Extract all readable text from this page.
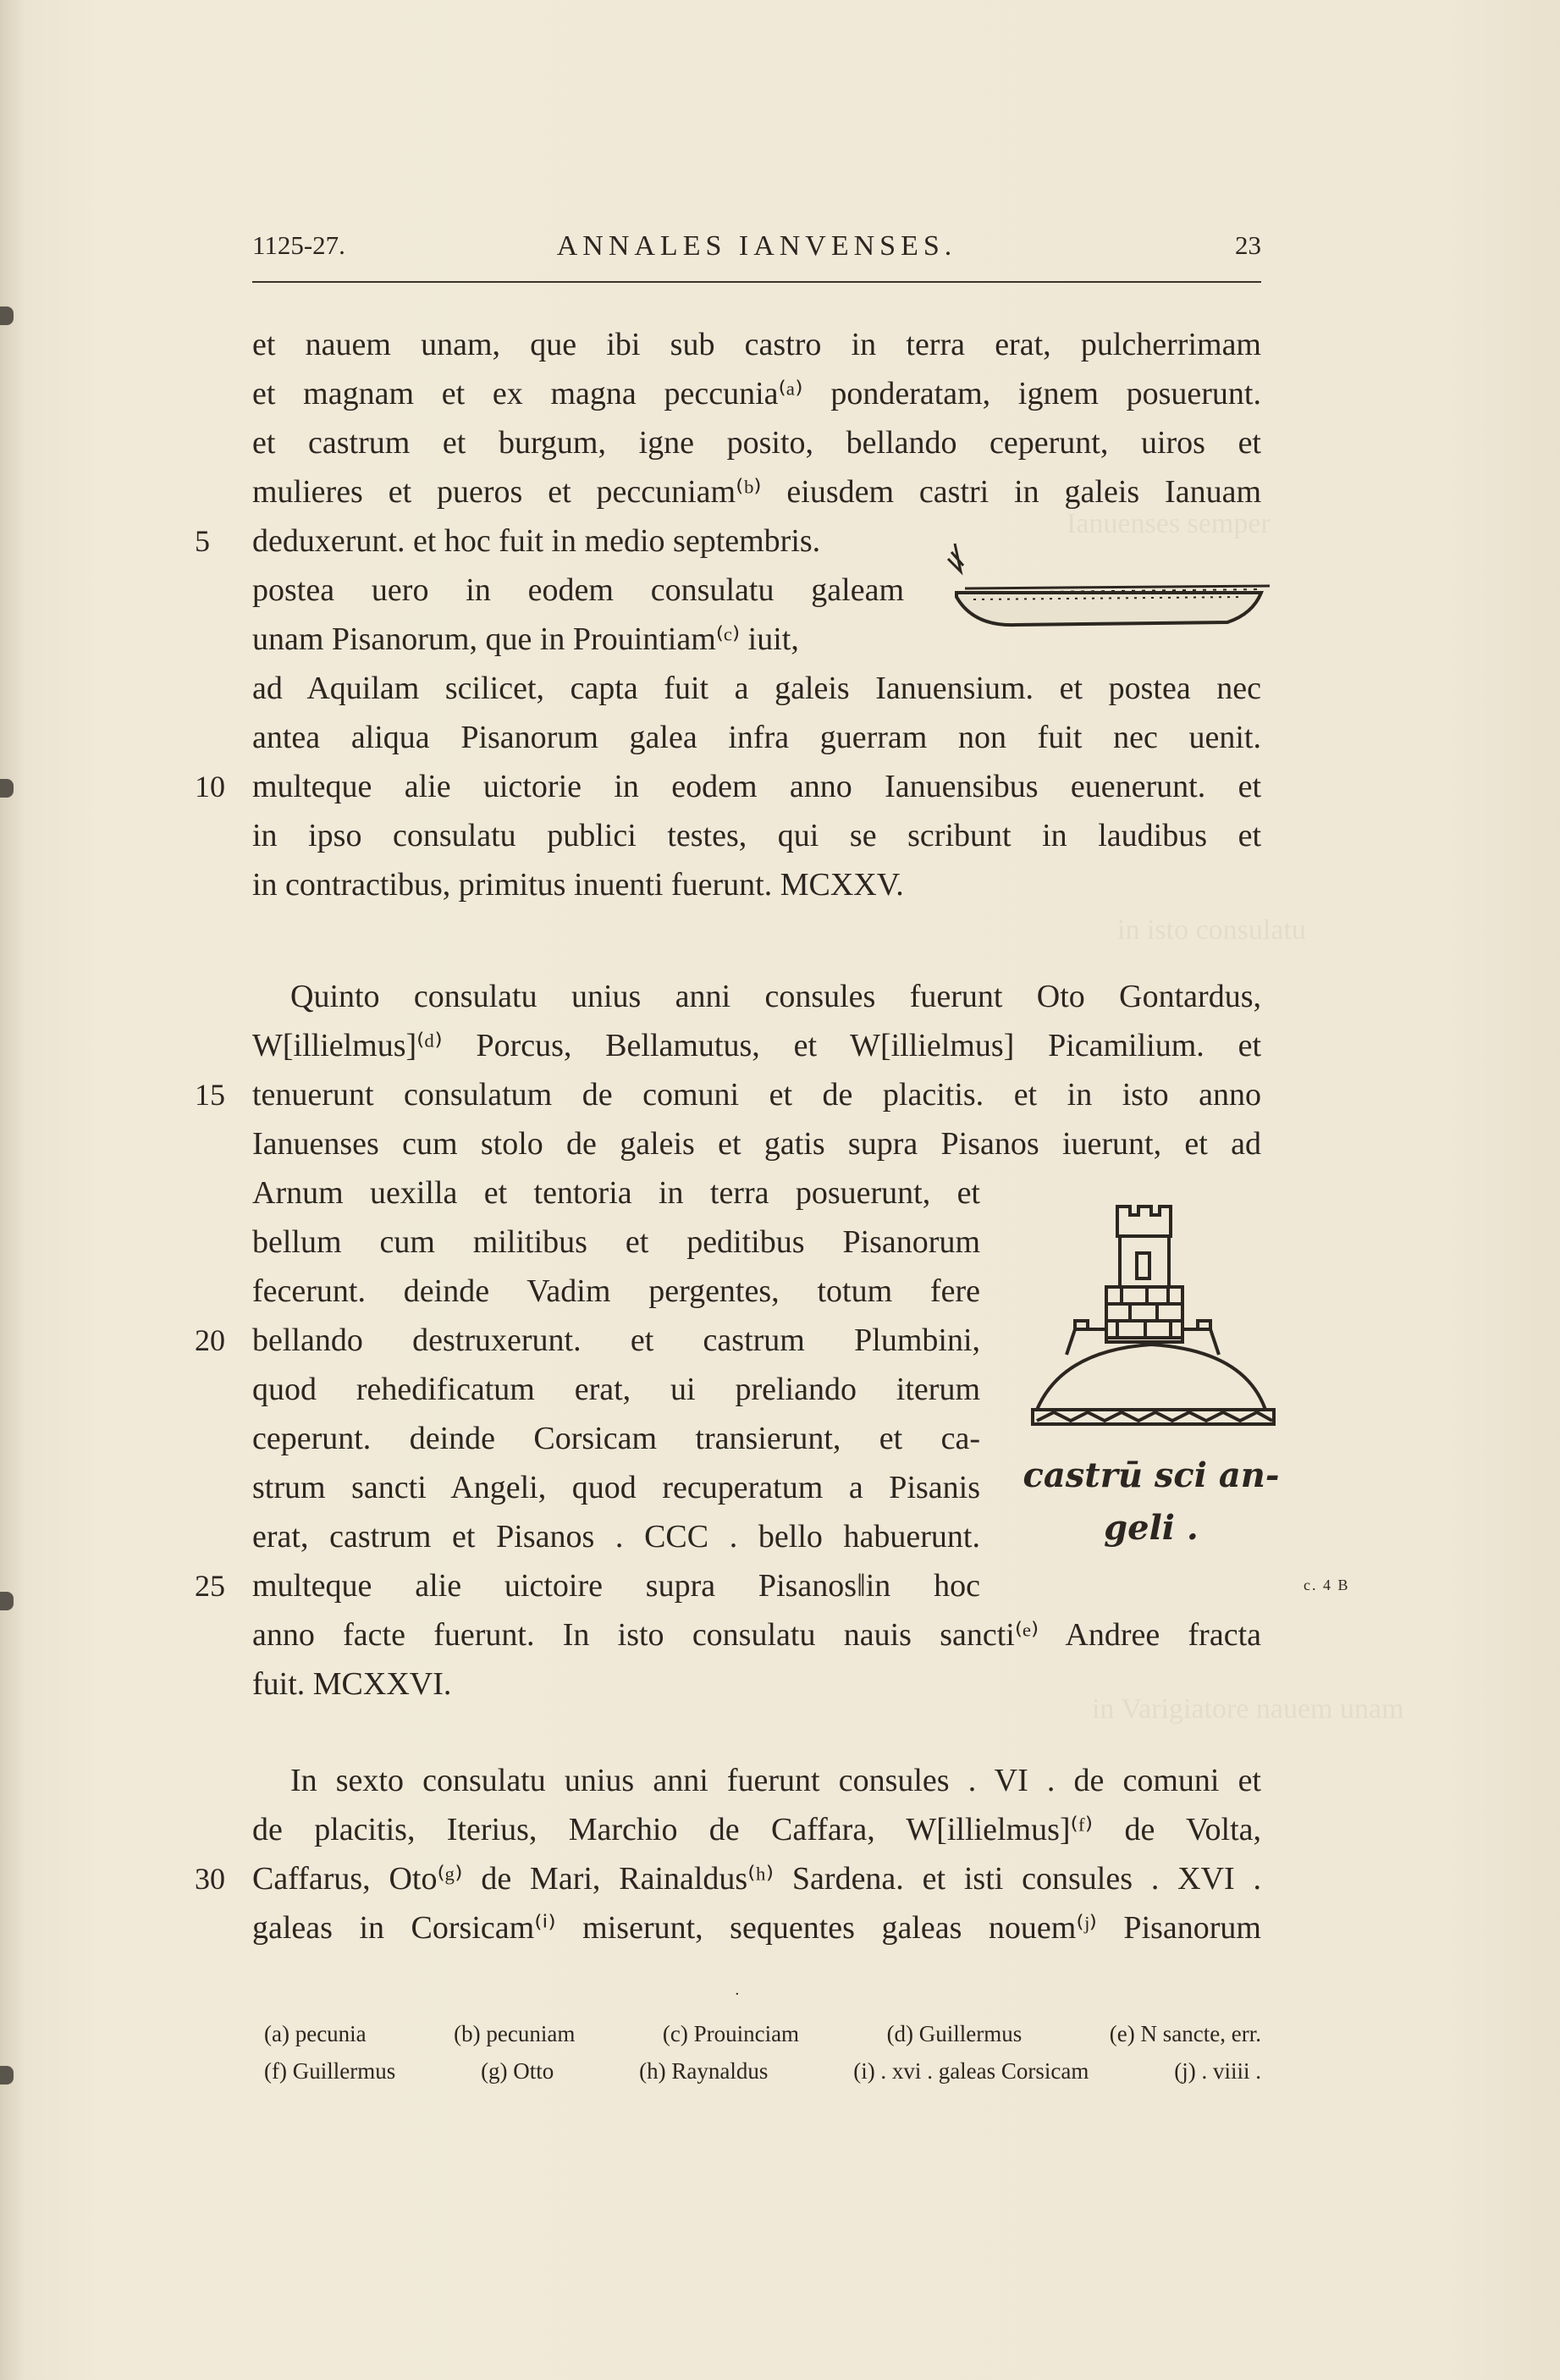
Ianuenses semper
in isto consulatu
in Varigiatore nauem unam
1125-27.	ANNALES IANVENSES.	23
et nauem unam, que ibi sub castro in terra erat, pulcherrimam
et magnam et ex magna peccunia⁽ᵃ⁾ ponderatam, ignem posuerunt.
et castrum et burgum, igne posito, bellando ceperunt, uiros et
mulieres et pueros et peccuniam⁽ᵇ⁾ eiusdem castri in galeis Ianuam
5	deduxerunt. et hoc fuit in medio septembris.
postea uero in eodem consulatu galeam
unam Pisanorum, que in Prouintiam⁽ᶜ⁾ iuit,
ad Aquilam scilicet, capta fuit a galeis Ianuensium. et postea nec
antea aliqua Pisanorum galea infra guerram non fuit nec uenit.
10 multeque alie uictorie in eodem anno Ianuensibus euenerunt. et
in ipso consulatu publici testes, qui se scribunt in laudibus et
in contractibus, primitus inuenti fuerunt. MCXXV.
Quinto consulatu unius anni consules fuerunt Oto Gontardus,
W[illielmus]⁽ᵈ⁾ Porcus, Bellamutus, et W[illielmus] Picamilium. et
15 tenuerunt consulatum de comuni et de placitis. et in isto anno
Ianuenses cum stolo de galeis et gatis supra Pisanos iuerunt, et ad
Arnum uexilla et tentoria in terra posuerunt, et
bellum cum militibus et peditibus Pisanorum
fecerunt. deinde Vadim pergentes, totum fere
20 bellando destruxerunt. et castrum Plumbini,
quod rehedificatum erat, ui preliando iterum
ceperunt. deinde Corsicam transierunt, et ca-
strum sancti Angeli, quod recuperatum a Pisanis
erat, castrum et Pisanos . CCC . bello habuerunt.
25 multeque alie uictoire supra Pisanos‖in hoc
anno facte fuerunt. In isto consulatu nauis sancti⁽ᵉ⁾ Andree fracta
fuit. MCXXVI.
In sexto consulatu unius anni fuerunt consules . VI . de comuni et
de placitis, Iterius, Marchio de Caffara, W[illielmus]⁽ᶠ⁾ de Volta,
30 Caffarus, Oto⁽ᵍ⁾ de Mari, Rainaldus⁽ʰ⁾ Sardena. et isti consules . XVI .
galeas in Corsicam⁽ⁱ⁾ miserunt, sequentes galeas nouem⁽ʲ⁾ Pisanorum
c. 4 B
castrū sci an-
geli .
·
(a) pecunia	(b) pecuniam	(c) Prouinciam	(d) Guillermus	(e) N sancte, err.
(f) Guillermus	(g) Otto	(h) Raynaldus	(i) . xvi . galeas Corsicam	(j) . viiii .
